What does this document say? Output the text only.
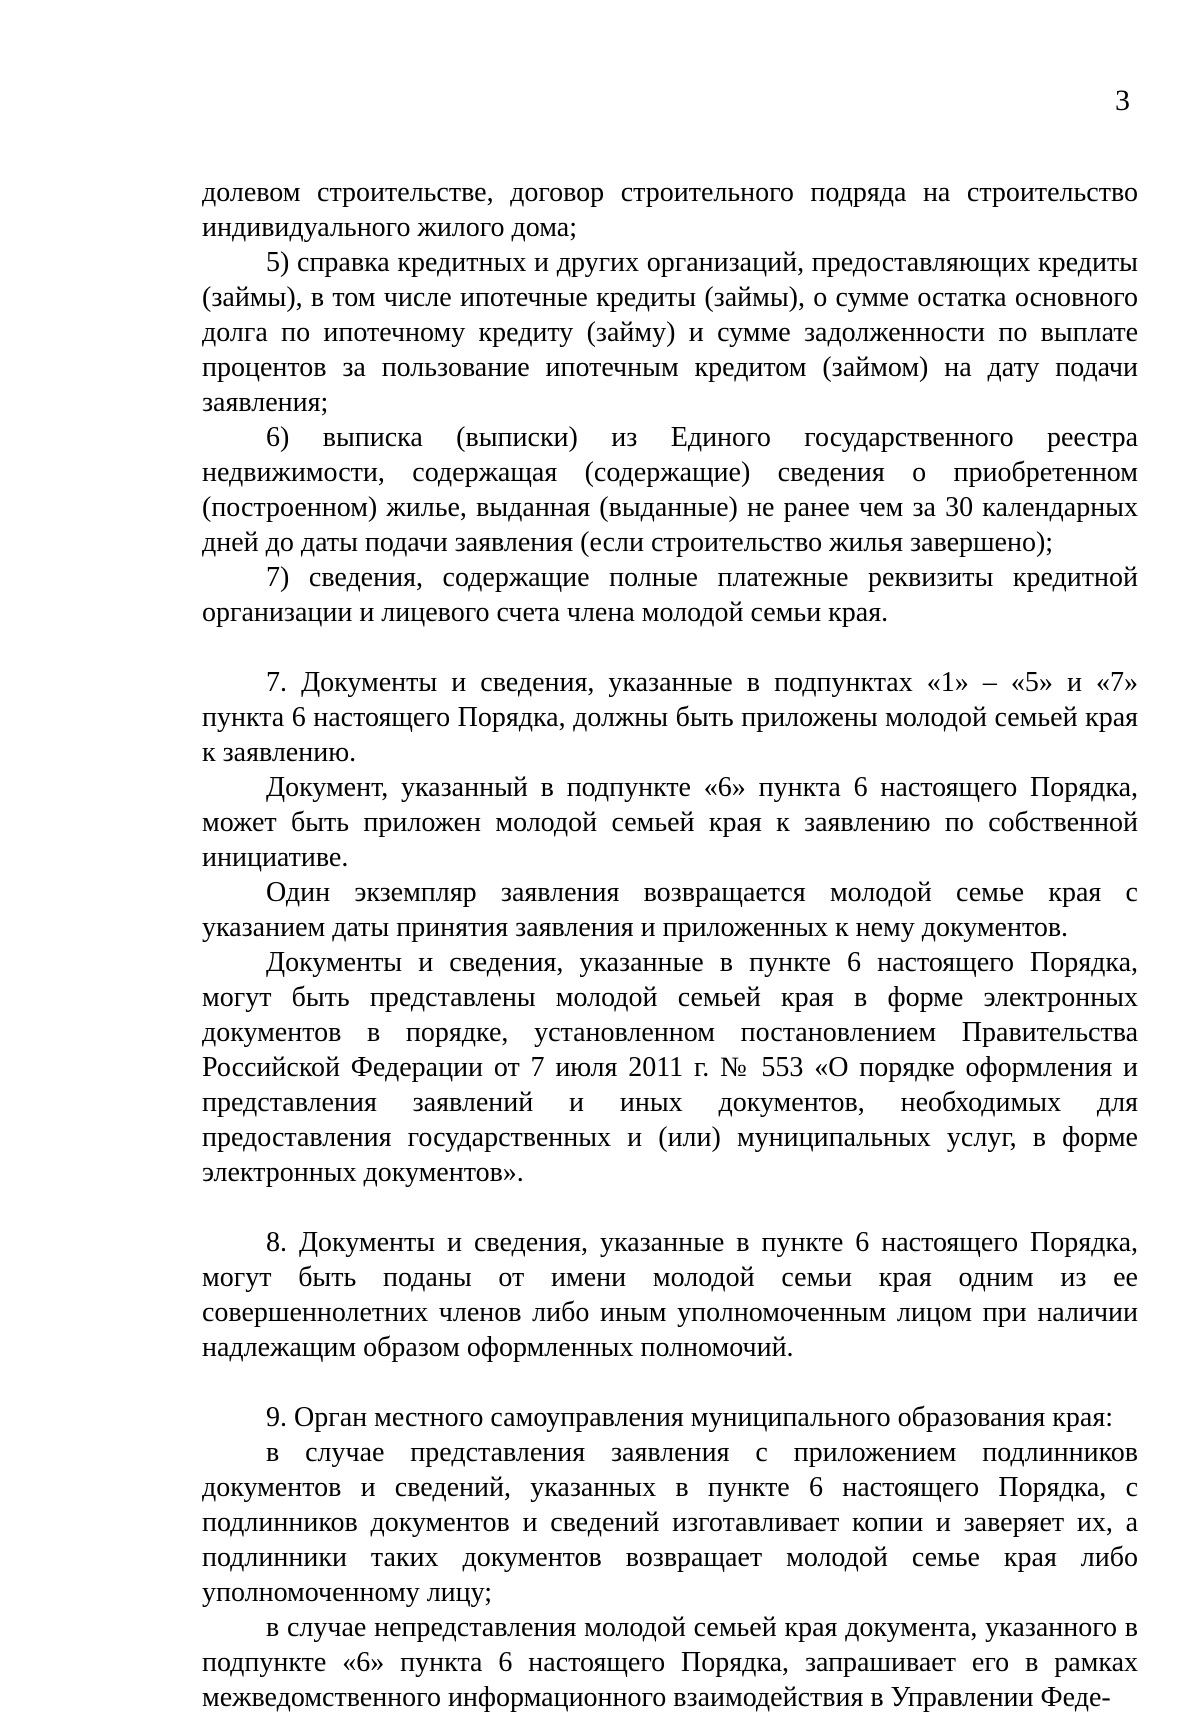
3

долевом строительстве, договор строительного подряда на строительство индивидуального жилого дома;

5) справка кредитных и других организаций, предоставляющих кредиты (займы), в том числе ипотечные кредиты (займы), о сумме остатка основного долга по ипотечному кредиту (займу) и сумме задолженности по выплате процентов за пользование ипотечным кредитом (займом) на дату подачи заявления;

6) выписка (выписки) из Единого государственного реестра недвижимости, содержащая (содержащие) сведения о приобретенном (построенном) жилье, выданная (выданные) не ранее чем за 30 календарных дней до даты подачи заявления (если строительство жилья завершено);

7) сведения, содержащие полные платежные реквизиты кредитной организации и лицевого счета члена молодой семьи края.

7. Документы и сведения, указанные в подпунктах «1» – «5» и «7» пункта 6 настоящего Порядка, должны быть приложены молодой семьей края к заявлению.

Документ, указанный в подпункте «6» пункта 6 настоящего Порядка, может быть приложен молодой семьей края к заявлению по собственной инициативе.

Один экземпляр заявления возвращается молодой семье края с указанием даты принятия заявления и приложенных к нему документов.

Документы и сведения, указанные в пункте 6 настоящего Порядка, могут быть представлены молодой семьей края в форме электронных документов в порядке, установленном постановлением Правительства Российской Федерации от 7 июля 2011 г. № 553 «О порядке оформления и представления заявлений и иных документов, необходимых для предоставления государственных и (или) муниципальных услуг, в форме электронных документов».

8. Документы и сведения, указанные в пункте 6 настоящего Порядка, могут быть поданы от имени молодой семьи края одним из ее совершеннолетних членов либо иным уполномоченным лицом при наличии надлежащим образом оформленных полномочий.

9. Орган местного самоуправления муниципального образования края:

в случае представления заявления с приложением подлинников документов и сведений, указанных в пункте 6 настоящего Порядка, с подлинников документов и сведений изготавливает копии и заверяет их, а подлинники таких документов возвращает молодой семье края либо уполномоченному лицу;

в случае непредставления молодой семьей края документа, указанного в подпункте «6» пункта 6 настоящего Порядка, запрашивает его в рамках межведомственного информационного взаимодействия в Управлении Феде-
